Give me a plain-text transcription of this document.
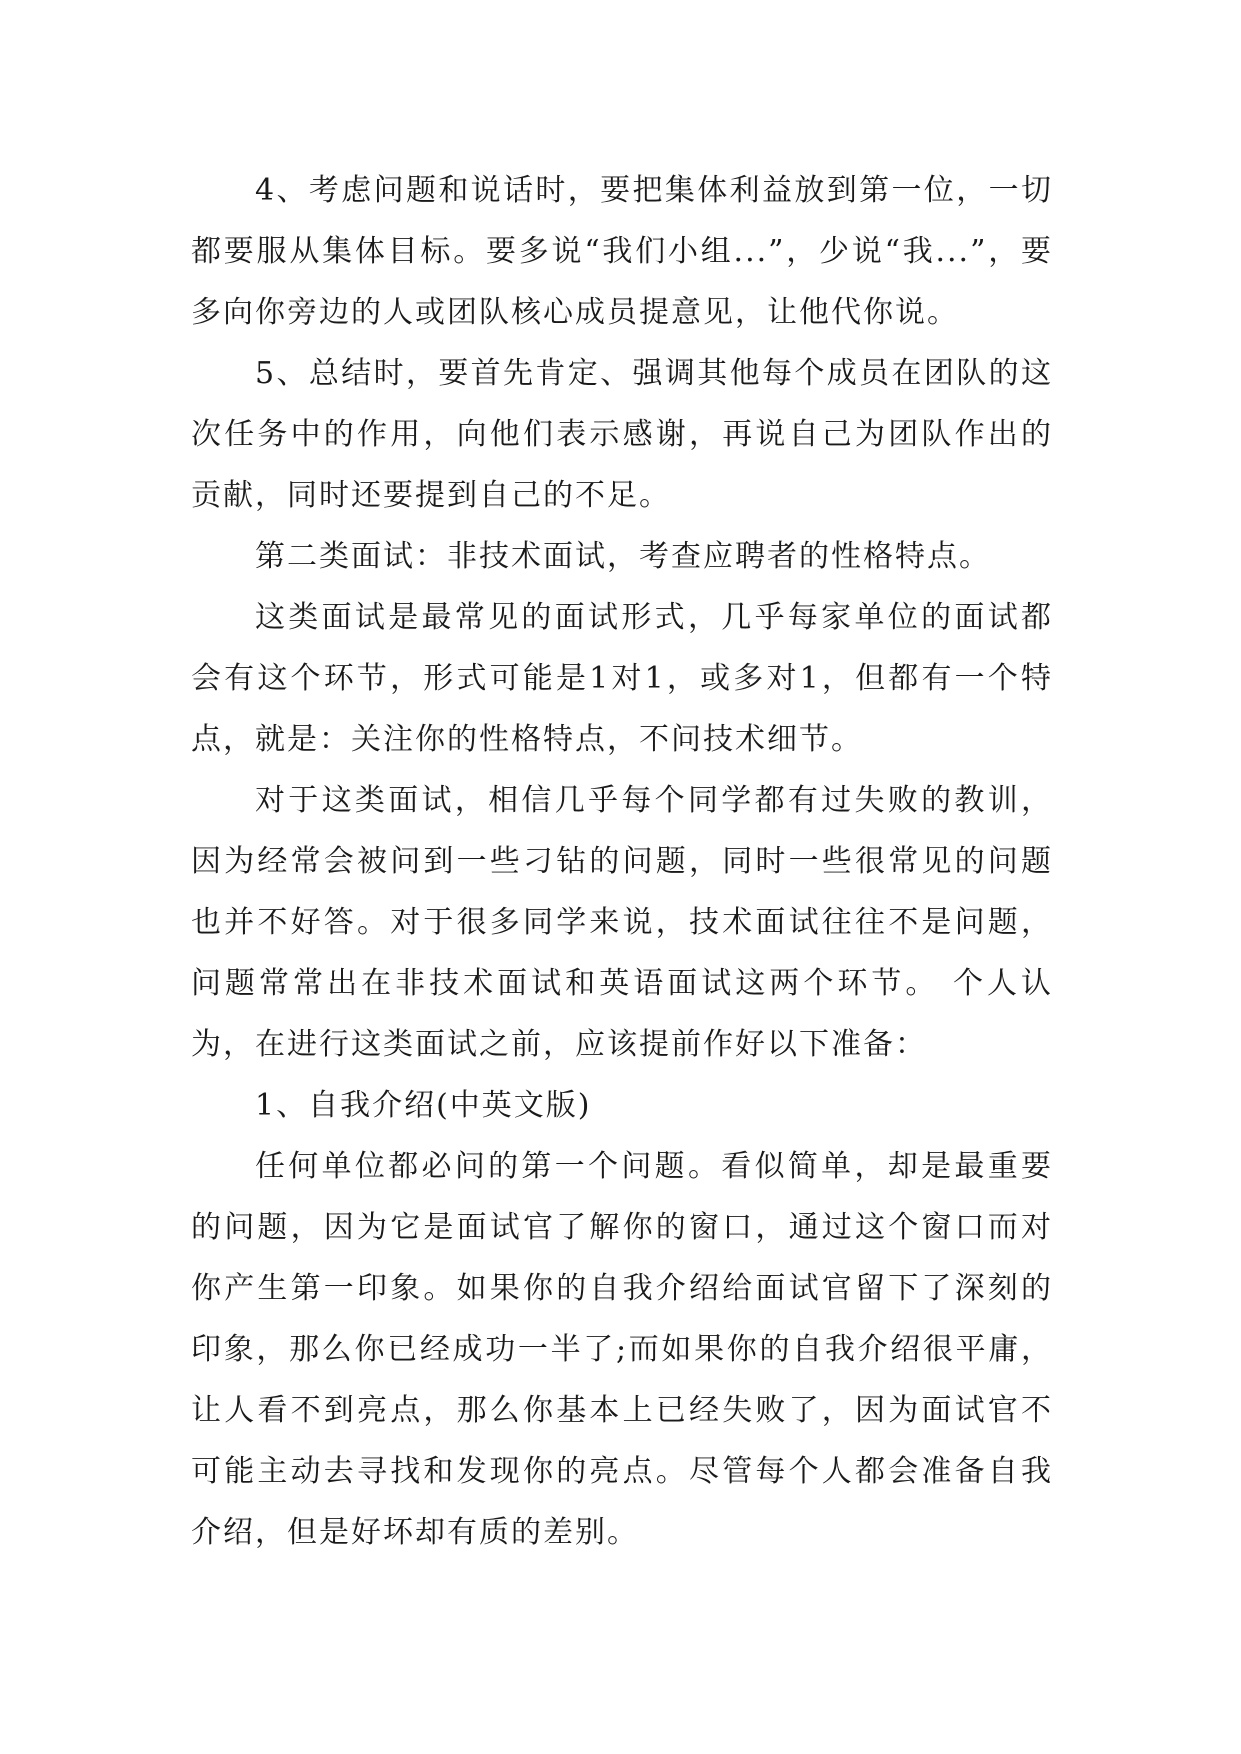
4、考虑问题和说话时，要把集体利益放到第一位，一切都要服从集体目标。要多说“我们小组...”，少说“我...”，要多向你旁边的人或团队核心成员提意见，让他代你说。

5、总结时，要首先肯定、强调其他每个成员在团队的这次任务中的作用，向他们表示感谢，再说自己为团队作出的贡献，同时还要提到自己的不足。

第二类面试：非技术面试，考查应聘者的性格特点。

这类面试是最常见的面试形式，几乎每家单位的面试都会有这个环节，形式可能是1对1，或多对1，但都有一个特点，就是：关注你的性格特点，不问技术细节。

对于这类面试，相信几乎每个同学都有过失败的教训，因为经常会被问到一些刁钻的问题，同时一些很常见的问题也并不好答。对于很多同学来说，技术面试往往不是问题，问题常常出在非技术面试和英语面试这两个环节。 个人认为，在进行这类面试之前，应该提前作好以下准备：

1、自我介绍(中英文版)

任何单位都必问的第一个问题。看似简单，却是最重要的问题，因为它是面试官了解你的窗口，通过这个窗口而对你产生第一印象。如果你的自我介绍给面试官留下了深刻的印象，那么你已经成功一半了;而如果你的自我介绍很平庸，让人看不到亮点，那么你基本上已经失败了，因为面试官不可能主动去寻找和发现你的亮点。尽管每个人都会准备自我介绍，但是好坏却有质的差别。
